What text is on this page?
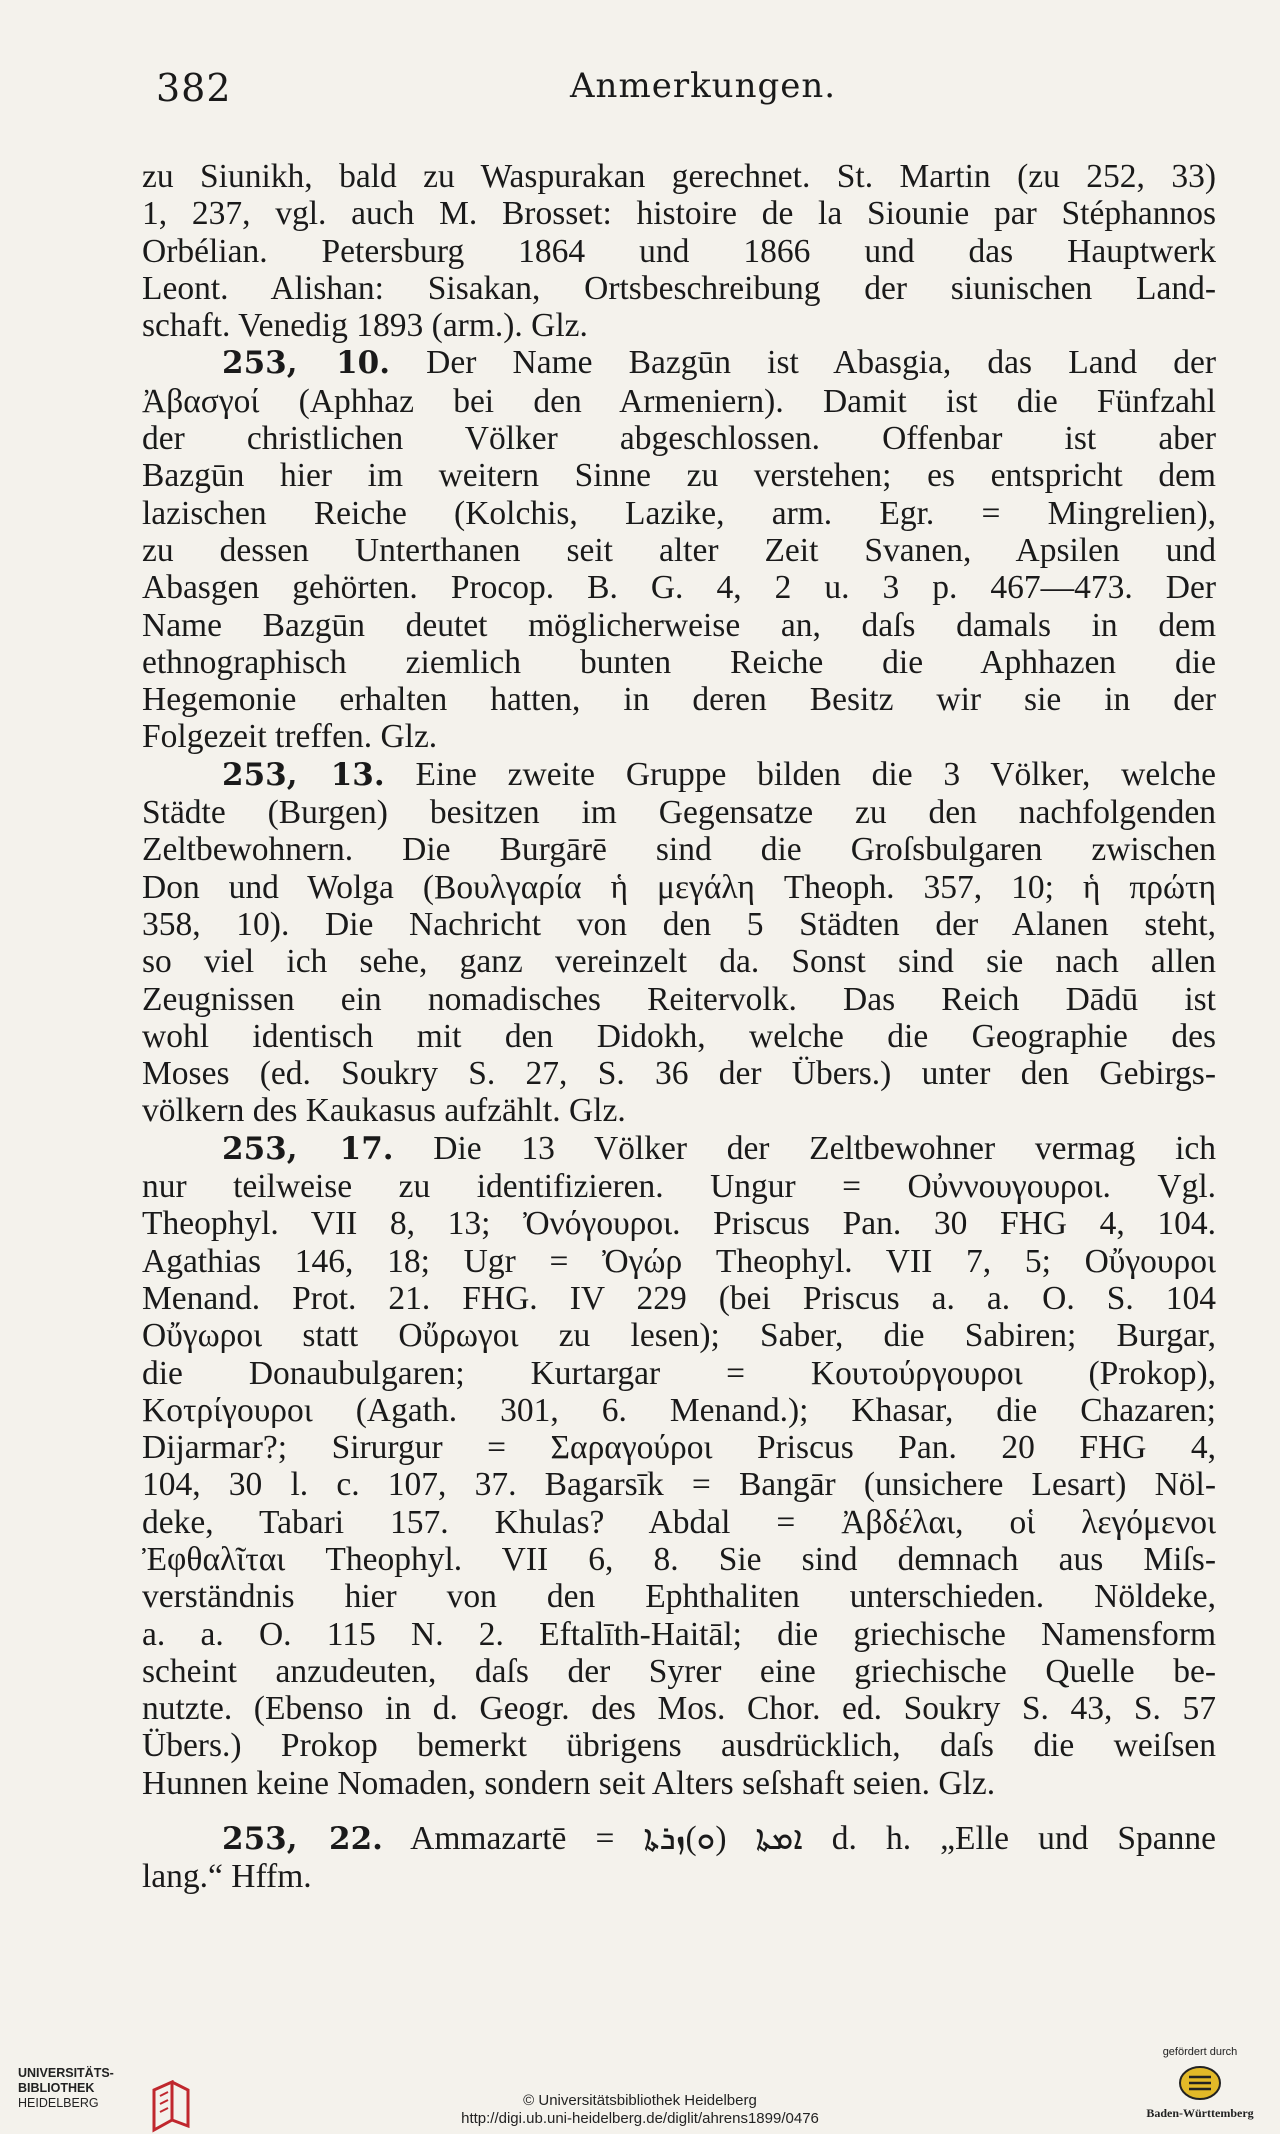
382	Anmerkungen.
zu Siunikh, bald zu Waspurakan gerechnet. St. Martin (zu 252, 33)
1, 237, vgl. auch M. Brosset: histoire de la Siounie par Stéphannos
Orbélian. Petersburg 1864 und 1866 und das Hauptwerk
Leont. Alishan: Sisakan, Ortsbeschreibung der siunischen Land-
schaft. Venedig 1893 (arm.). Glz.
253, 10. Der Name Bazgūn ist Abasgia, das Land der
Ἀβασγοί (Aphhaz bei den Armeniern). Damit ist die Fünfzahl
der christlichen Völker abgeschlossen. Offenbar ist aber
Bazgūn hier im weitern Sinne zu verstehen; es entspricht dem
lazischen Reiche (Kolchis, Lazike, arm. Egr. = Mingrelien),
zu dessen Unterthanen seit alter Zeit Svanen, Apsilen und
Abasgen gehörten. Procop. B. G. 4, 2 u. 3 p. 467—473. Der
Name Bazgūn deutet möglicherweise an, daſs damals in dem
ethnographisch ziemlich bunten Reiche die Aphhazen die
Hegemonie erhalten hatten, in deren Besitz wir sie in der
Folgezeit treffen. Glz.
253, 13. Eine zweite Gruppe bilden die 3 Völker, welche
Städte (Burgen) besitzen im Gegensatze zu den nachfolgenden
Zeltbewohnern. Die Burgārē sind die Groſsbulgaren zwischen
Don und Wolga (Βουλγαρία ἡ μεγάλη Theoph. 357, 10; ἡ πρώτη
358, 10). Die Nachricht von den 5 Städten der Alanen steht,
so viel ich sehe, ganz vereinzelt da. Sonst sind sie nach allen
Zeugnissen ein nomadisches Reitervolk. Das Reich Dādū ist
wohl identisch mit den Didokh, welche die Geographie des
Moses (ed. Soukry S. 27, S. 36 der Übers.) unter den Gebirgs-
völkern des Kaukasus aufzählt. Glz.
253, 17. Die 13 Völker der Zeltbewohner vermag ich
nur teilweise zu identifizieren. Ungur = Οὐννουγουροι. Vgl.
Theophyl. VII 8, 13; Ὀνόγουροι. Priscus Pan. 30 FHG 4, 104.
Agathias 146, 18; Ugr = Ὀγώρ Theophyl. VII 7, 5; Οὔγουροι
Menand. Prot. 21. FHG. IV 229 (bei Priscus a. a. O. S. 104
Οὔγωροι statt Οὔρωγοι zu lesen); Saber, die Sabiren; Burgar,
die Donaubulgaren; Kurtargar = Κουτούργουροι (Prokop),
Κοτρίγουροι (Agath. 301, 6. Menand.); Khasar, die Chazaren;
Dijarmar?; Sirurgur = Σαραγούροι Priscus Pan. 20 FHG 4,
104, 30 l. c. 107, 37. Bagarsīk = Bangār (unsichere Lesart) Nöl-
deke, Tabari 157. Khulas? Abdal = Ἀβδέλαι, οἱ λεγόμενοι
Ἐφθαλῖται Theophyl. VII 6, 8. Sie sind demnach aus Miſs-
verständnis hier von den Ephthaliten unterschieden. Nöldeke,
a. a. O. 115 N. 2. Eftalīth-Haitāl; die griechische Namensform
scheint anzudeuten, daſs der Syrer eine griechische Quelle be-
nutzte. (Ebenso in d. Geogr. des Mos. Chor. ed. Soukry S. 43, S. 57
Übers.) Prokop bemerkt übrigens ausdrücklich, daſs die weiſsen
Hunnen keine Nomaden, sondern seit Alters seſshaft seien. Glz.
253, 22. Ammazartē = ܐܡܬܐ (ܘ)ܙܪܬܐ d. h. „Elle und Spanne
lang.“ Hffm.
UNIVERSITÄTS-
BIBLIOTHEK
HEIDELBERG	© Universitätsbibliothek Heidelberg
http://digi.ub.uni-heidelberg.de/diglit/ahrens1899/0476
gefördert durch
Baden-Württemberg
